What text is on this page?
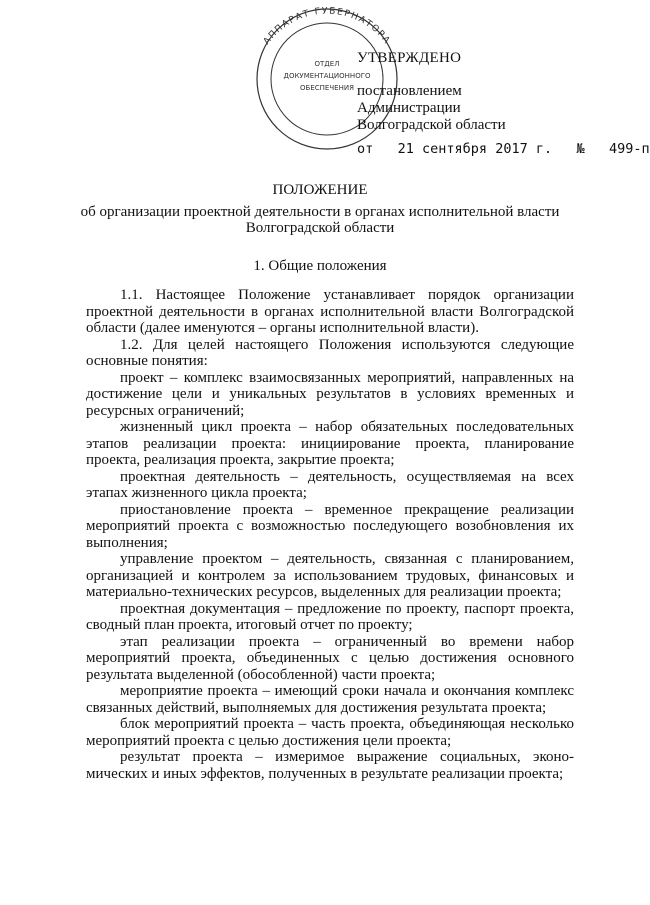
АППАРАТ ГУБЕРНАТОРА
ОТДЕЛ
ДОКУМЕНТАЦИОННОГО
ОБЕСПЕЧЕНИЯ
УТВЕРЖДЕНО
постановлением
Администрации
Волгоградской области
от 21 сентября 2017 г. № 499-п
ПОЛОЖЕНИЕ
об организации проектной деятельности в органах исполнительной власти Волгоградской области
1. Общие положения

1.1. Настоящее Положение устанавливает порядок организации проектной деятельности в органах исполнительной власти Волгоградской области (далее именуются – органы исполнительной власти).

1.2. Для целей настоящего Положения используются следующие основные понятия:

проект – комплекс взаимосвязанных мероприятий, направленных на достижение цели и уникальных результатов в условиях временных и ресурсных ограничений;

жизненный цикл проекта – набор обязательных последовательных этапов реализации проекта: инициирование проекта, планирование проекта, реализация проекта, закрытие проекта;

проектная деятельность – деятельность, осуществляемая на всех этапах жизненного цикла проекта;

приостановление проекта – временное прекращение реализации мероприятий проекта с возможностью последующего возобновления их выполнения;

управление проектом – деятельность, связанная с планированием, организацией и контролем за использованием трудовых, финансовых и материально-технических ресурсов, выделенных для реализации проекта;

проектная документация – предложение по проекту, паспорт проекта, сводный план проекта, итоговый отчет по проекту;

этап реализации проекта – ограниченный во времени набор мероприятий проекта, объединенных с целью достижения основного результата выделенной (обособленной) части проекта;

мероприятие проекта – имеющий сроки начала и окончания комплекс связанных действий, выполняемых для достижения результата проекта;

блок мероприятий проекта – часть проекта, объединяющая несколько мероприятий проекта с целью достижения цели проекта;

результат проекта – измеримое выражение социальных, эконо-мических и иных эффектов, полученных в результате реализации проекта;
